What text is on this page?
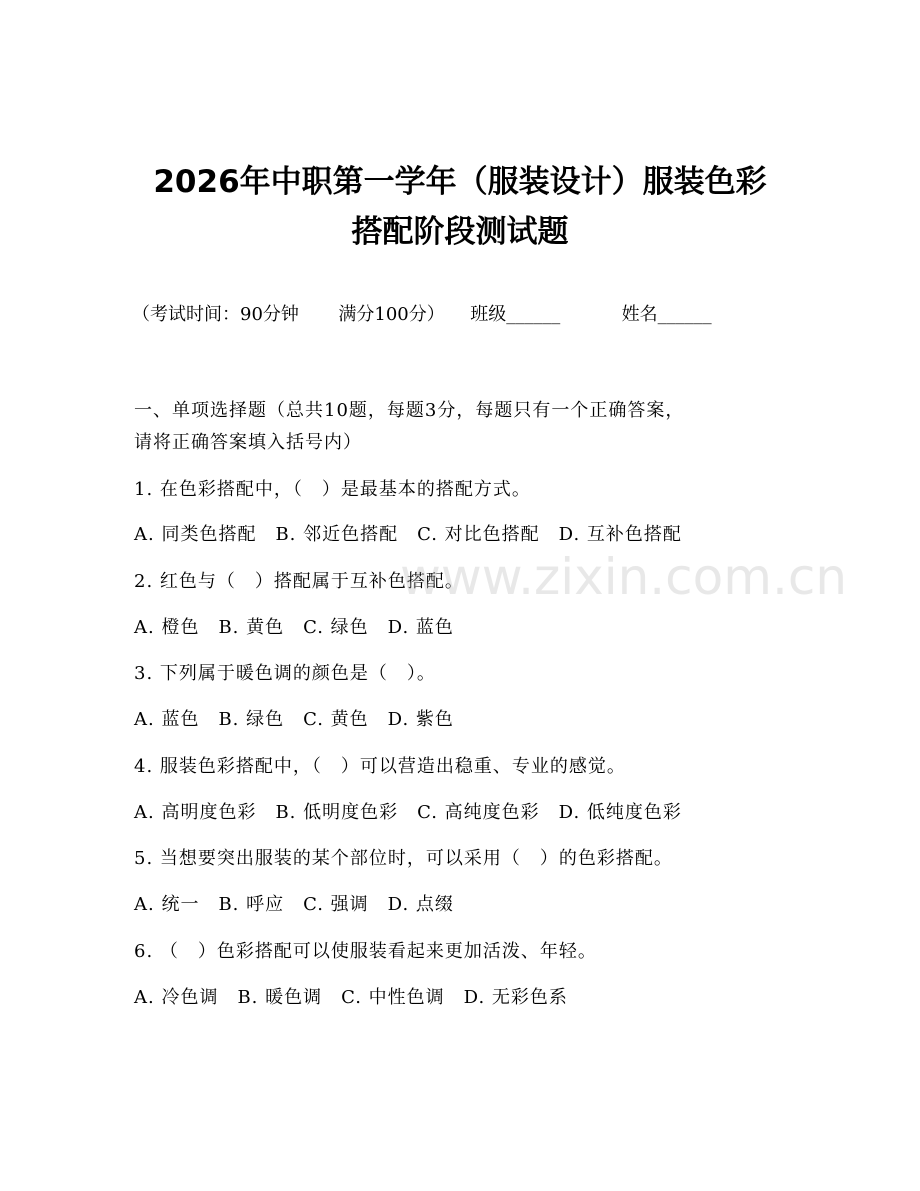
2026年中职第一学年（服装设计）服装色彩
搭配阶段测试题
（考试时间：90分钟 满分100分） 班级______	姓名______
一、单项选择题（总共10题，每题3分，每题只有一个正确答案，
请将正确答案填入括号内）
1. 在色彩搭配中，（　）是最基本的搭配方式。
A. 同类色搭配　B. 邻近色搭配　C. 对比色搭配　D. 互补色搭配
2. 红色与（　）搭配属于互补色搭配。
A. 橙色　B. 黄色　C. 绿色　D. 蓝色
3. 下列属于暖色调的颜色是（　）。
A. 蓝色　B. 绿色　C. 黄色　D. 紫色
4. 服装色彩搭配中，（　）可以营造出稳重、专业的感觉。
A. 高明度色彩　B. 低明度色彩　C. 高纯度色彩　D. 低纯度色彩
5. 当想要突出服装的某个部位时，可以采用（　）的色彩搭配。
A. 统一　B. 呼应　C. 强调　D. 点缀
6. （　）色彩搭配可以使服装看起来更加活泼、年轻。
A. 冷色调　B. 暖色调　C. 中性色调　D. 无彩色系
www.zixin.com.cn
